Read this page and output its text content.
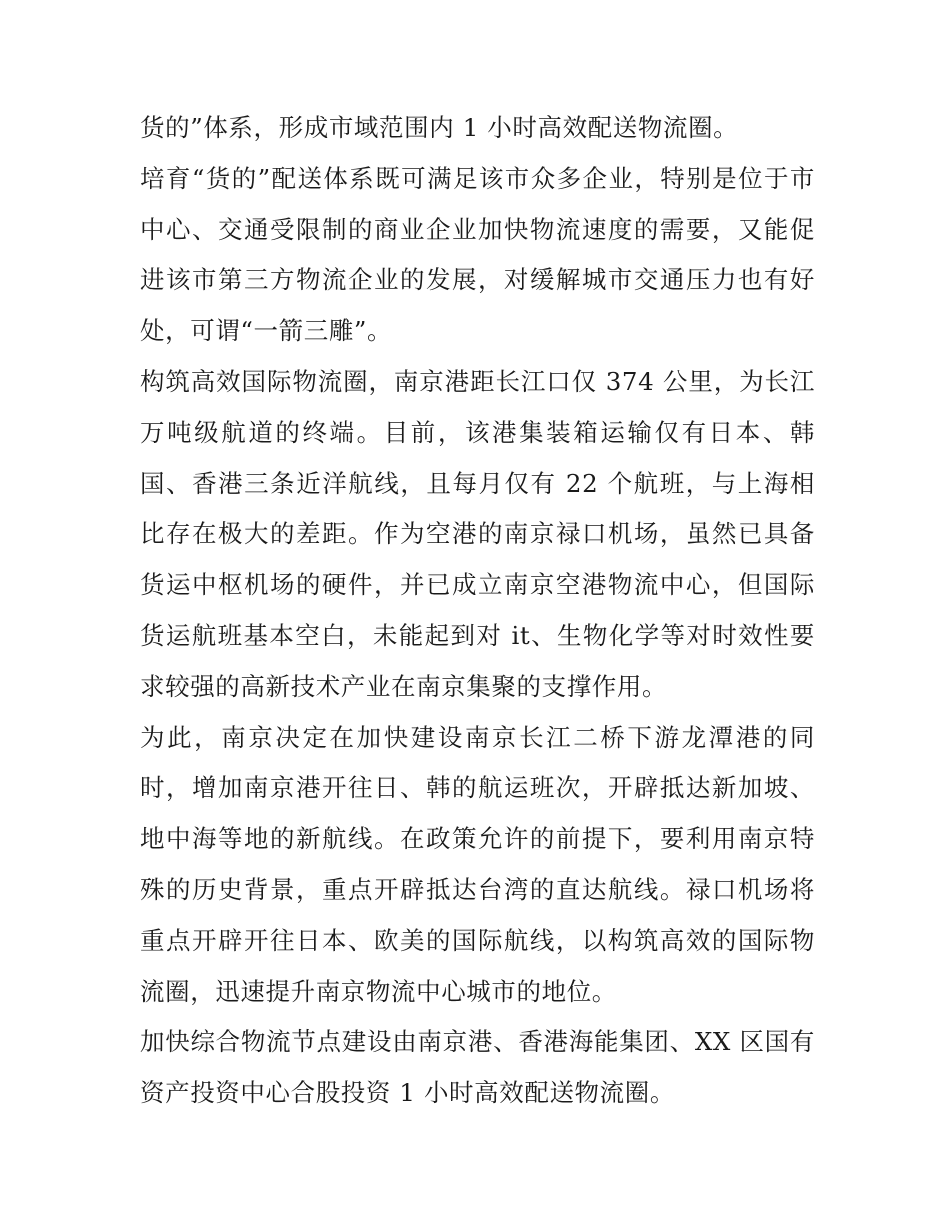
货的”体系，形成市域范围内 1 小时高效配送物流圈。

培育“货的”配送体系既可满足该市众多企业，特别是位于市中心、交通受限制的商业企业加快物流速度的需要，又能促进该市第三方物流企业的发展，对缓解城市交通压力也有好处，可谓“一箭三雕”。

构筑高效国际物流圈，南京港距长江口仅 374 公里，为长江万吨级航道的终端。目前，该港集装箱运输仅有日本、韩国、香港三条近洋航线，且每月仅有 22 个航班，与上海相比存在极大的差距。作为空港的南京禄口机场，虽然已具备货运中枢机场的硬件，并已成立南京空港物流中心，但国际货运航班基本空白，未能起到对 it、生物化学等对时效性要求较强的高新技术产业在南京集聚的支撑作用。

为此，南京决定在加快建设南京长江二桥下游龙潭港的同时，增加南京港开往日、韩的航运班次，开辟抵达新加坡、地中海等地的新航线。在政策允许的前提下，要利用南京特殊的历史背景，重点开辟抵达台湾的直达航线。禄口机场将重点开辟开往日本、欧美的国际航线，以构筑高效的国际物流圈，迅速提升南京物流中心城市的地位。

加快综合物流节点建设由南京港、香港海能集团、XX 区国有资产投资中心合股投资 1 小时高效配送物流圈。
